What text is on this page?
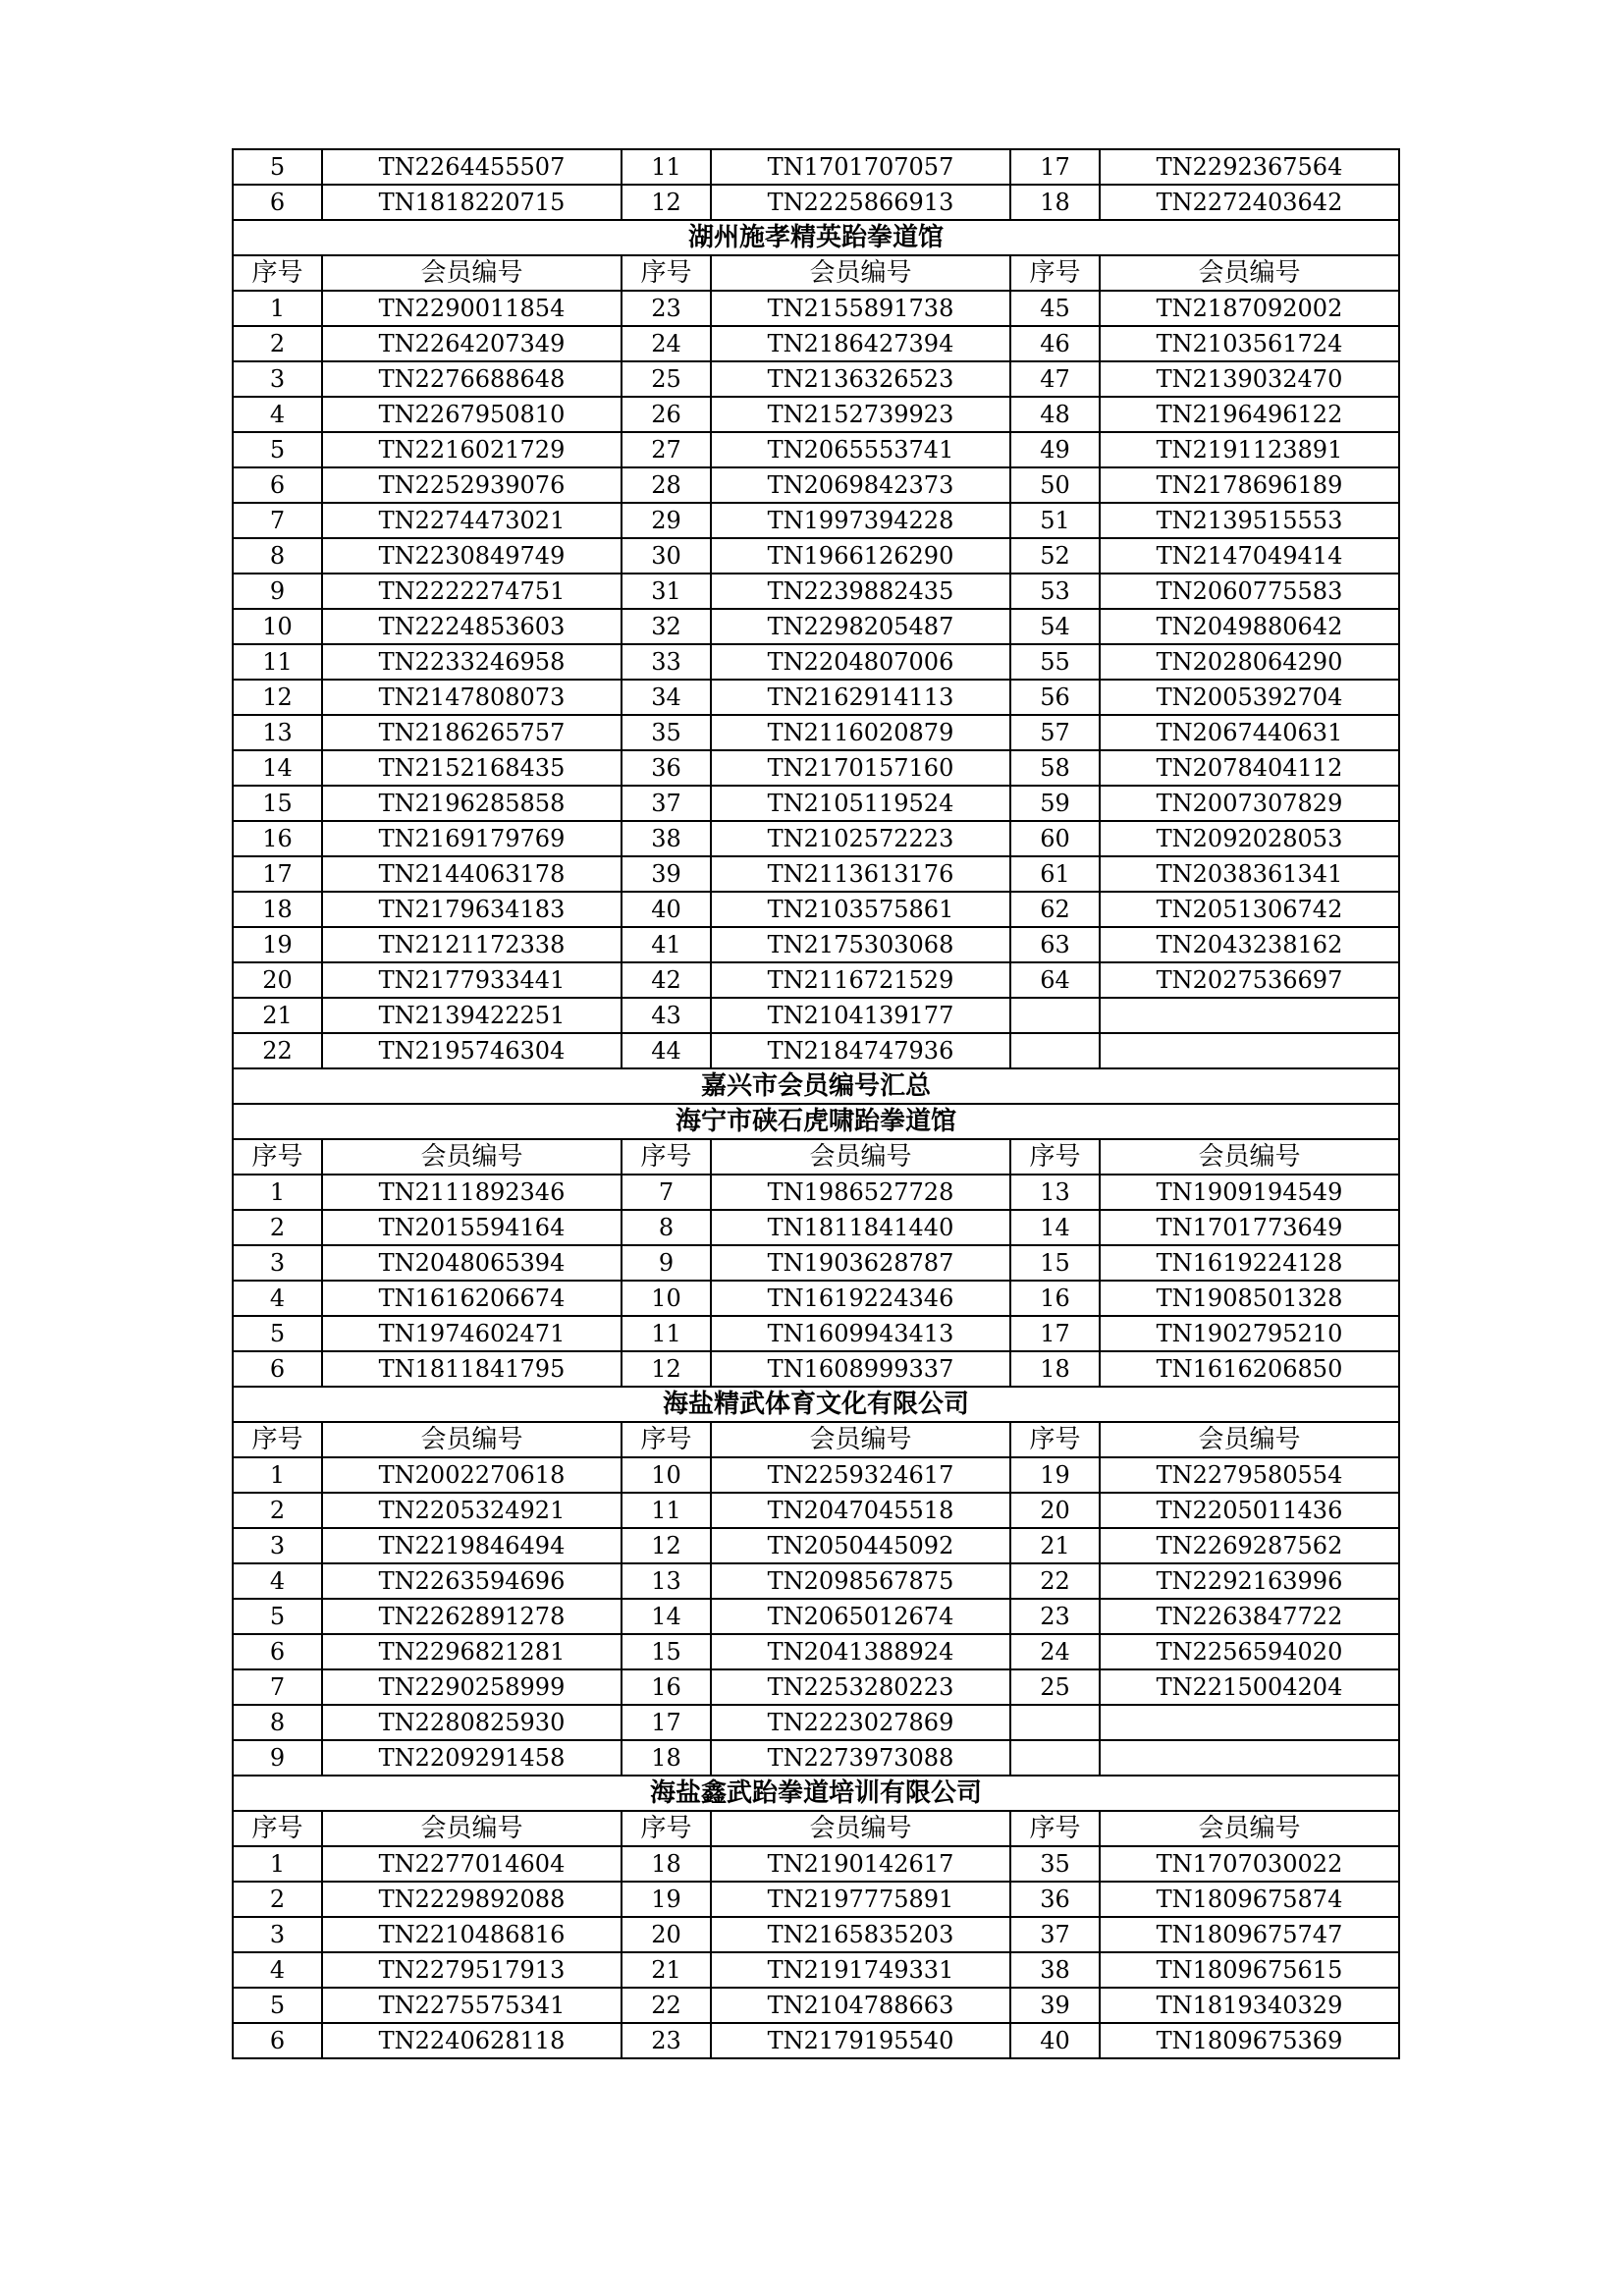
5	TN2264455507	11	TN1701707057	17	TN2292367564
6	TN1818220715	12	TN2225866913	18	TN2272403642
湖州施孝精英跆拳道馆					
序号	会员编号	序号	会员编号	序号	会员编号
1	TN2290011854	23	TN2155891738	45	TN2187092002
2	TN2264207349	24	TN2186427394	46	TN2103561724
3	TN2276688648	25	TN2136326523	47	TN2139032470
4	TN2267950810	26	TN2152739923	48	TN2196496122
5	TN2216021729	27	TN2065553741	49	TN2191123891
6	TN2252939076	28	TN2069842373	50	TN2178696189
7	TN2274473021	29	TN1997394228	51	TN2139515553
8	TN2230849749	30	TN1966126290	52	TN2147049414
9	TN2222274751	31	TN2239882435	53	TN2060775583
10	TN2224853603	32	TN2298205487	54	TN2049880642
11	TN2233246958	33	TN2204807006	55	TN2028064290
12	TN2147808073	34	TN2162914113	56	TN2005392704
13	TN2186265757	35	TN2116020879	57	TN2067440631
14	TN2152168435	36	TN2170157160	58	TN2078404112
15	TN2196285858	37	TN2105119524	59	TN2007307829
16	TN2169179769	38	TN2102572223	60	TN2092028053
17	TN2144063178	39	TN2113613176	61	TN2038361341
18	TN2179634183	40	TN2103575861	62	TN2051306742
19	TN2121172338	41	TN2175303068	63	TN2043238162
20	TN2177933441	42	TN2116721529	64	TN2027536697
21	TN2139422251	43	TN2104139177		
22	TN2195746304	44	TN2184747936		
嘉兴市会员编号汇总					
海宁市硖石虎啸跆拳道馆					
序号	会员编号	序号	会员编号	序号	会员编号
1	TN2111892346	7	TN1986527728	13	TN1909194549
2	TN2015594164	8	TN1811841440	14	TN1701773649
3	TN2048065394	9	TN1903628787	15	TN1619224128
4	TN1616206674	10	TN1619224346	16	TN1908501328
5	TN1974602471	11	TN1609943413	17	TN1902795210
6	TN1811841795	12	TN1608999337	18	TN1616206850
海盐精武体育文化有限公司					
序号	会员编号	序号	会员编号	序号	会员编号
1	TN2002270618	10	TN2259324617	19	TN2279580554
2	TN2205324921	11	TN2047045518	20	TN2205011436
3	TN2219846494	12	TN2050445092	21	TN2269287562
4	TN2263594696	13	TN2098567875	22	TN2292163996
5	TN2262891278	14	TN2065012674	23	TN2263847722
6	TN2296821281	15	TN2041388924	24	TN2256594020
7	TN2290258999	16	TN2253280223	25	TN2215004204
8	TN2280825930	17	TN2223027869		
9	TN2209291458	18	TN2273973088		
海盐鑫武跆拳道培训有限公司					
序号	会员编号	序号	会员编号	序号	会员编号
1	TN2277014604	18	TN2190142617	35	TN1707030022
2	TN2229892088	19	TN2197775891	36	TN1809675874
3	TN2210486816	20	TN2165835203	37	TN1809675747
4	TN2279517913	21	TN2191749331	38	TN1809675615
5	TN2275575341	22	TN2104788663	39	TN1819340329
6	TN2240628118	23	TN2179195540	40	TN1809675369
